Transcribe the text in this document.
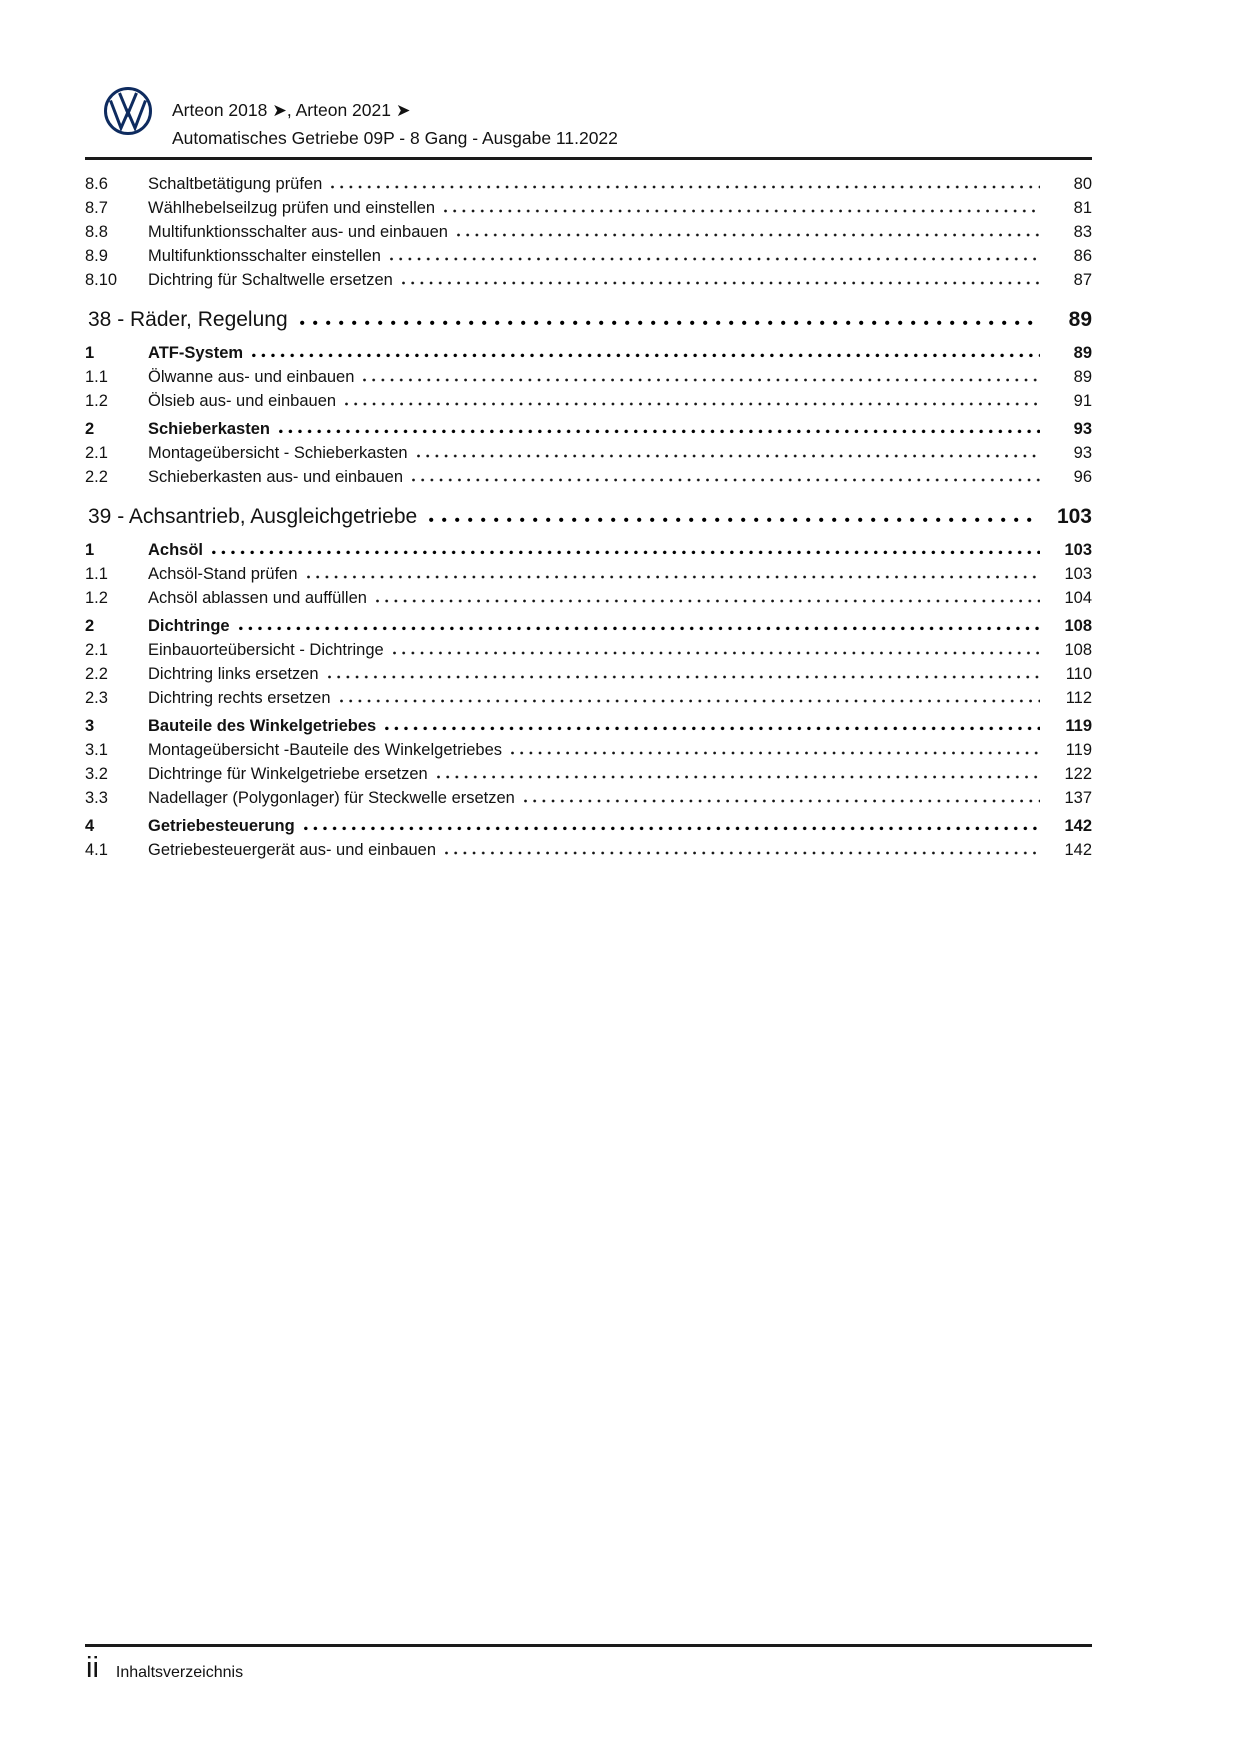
Arteon 2018 ➤, Arteon 2021 ➤
Automatisches Getriebe 09P - 8 Gang - Ausgabe 11.2022
8.6	Schaltbetätigung prüfen	80
8.7	Wählhebelseilzug prüfen und einstellen	81
8.8	Multifunktionsschalter aus- und einbauen	83
8.9	Multifunktionsschalter einstellen	86
8.10	Dichtring für Schaltwelle ersetzen	87
38 - Räder, Regelung	89
1	ATF-System	89
1.1	Ölwanne aus- und einbauen	89
1.2	Ölsieb aus- und einbauen	91
2	Schieberkasten	93
2.1	Montageübersicht - Schieberkasten	93
2.2	Schieberkasten aus- und einbauen	96
39 - Achsantrieb, Ausgleichgetriebe	103
1	Achsöl	103
1.1	Achsöl-Stand prüfen	103
1.2	Achsöl ablassen und auffüllen	104
2	Dichtringe	108
2.1	Einbauorteübersicht - Dichtringe	108
2.2	Dichtring links ersetzen	110
2.3	Dichtring rechts ersetzen	112
3	Bauteile des Winkelgetriebes	119
3.1	Montageübersicht -Bauteile des Winkelgetriebes	119
3.2	Dichtringe für Winkelgetriebe ersetzen	122
3.3	Nadellager (Polygonlager) für Steckwelle ersetzen	137
4	Getriebesteuerung	142
4.1	Getriebesteuergerät aus- und einbauen	142
ii Inhaltsverzeichnis
